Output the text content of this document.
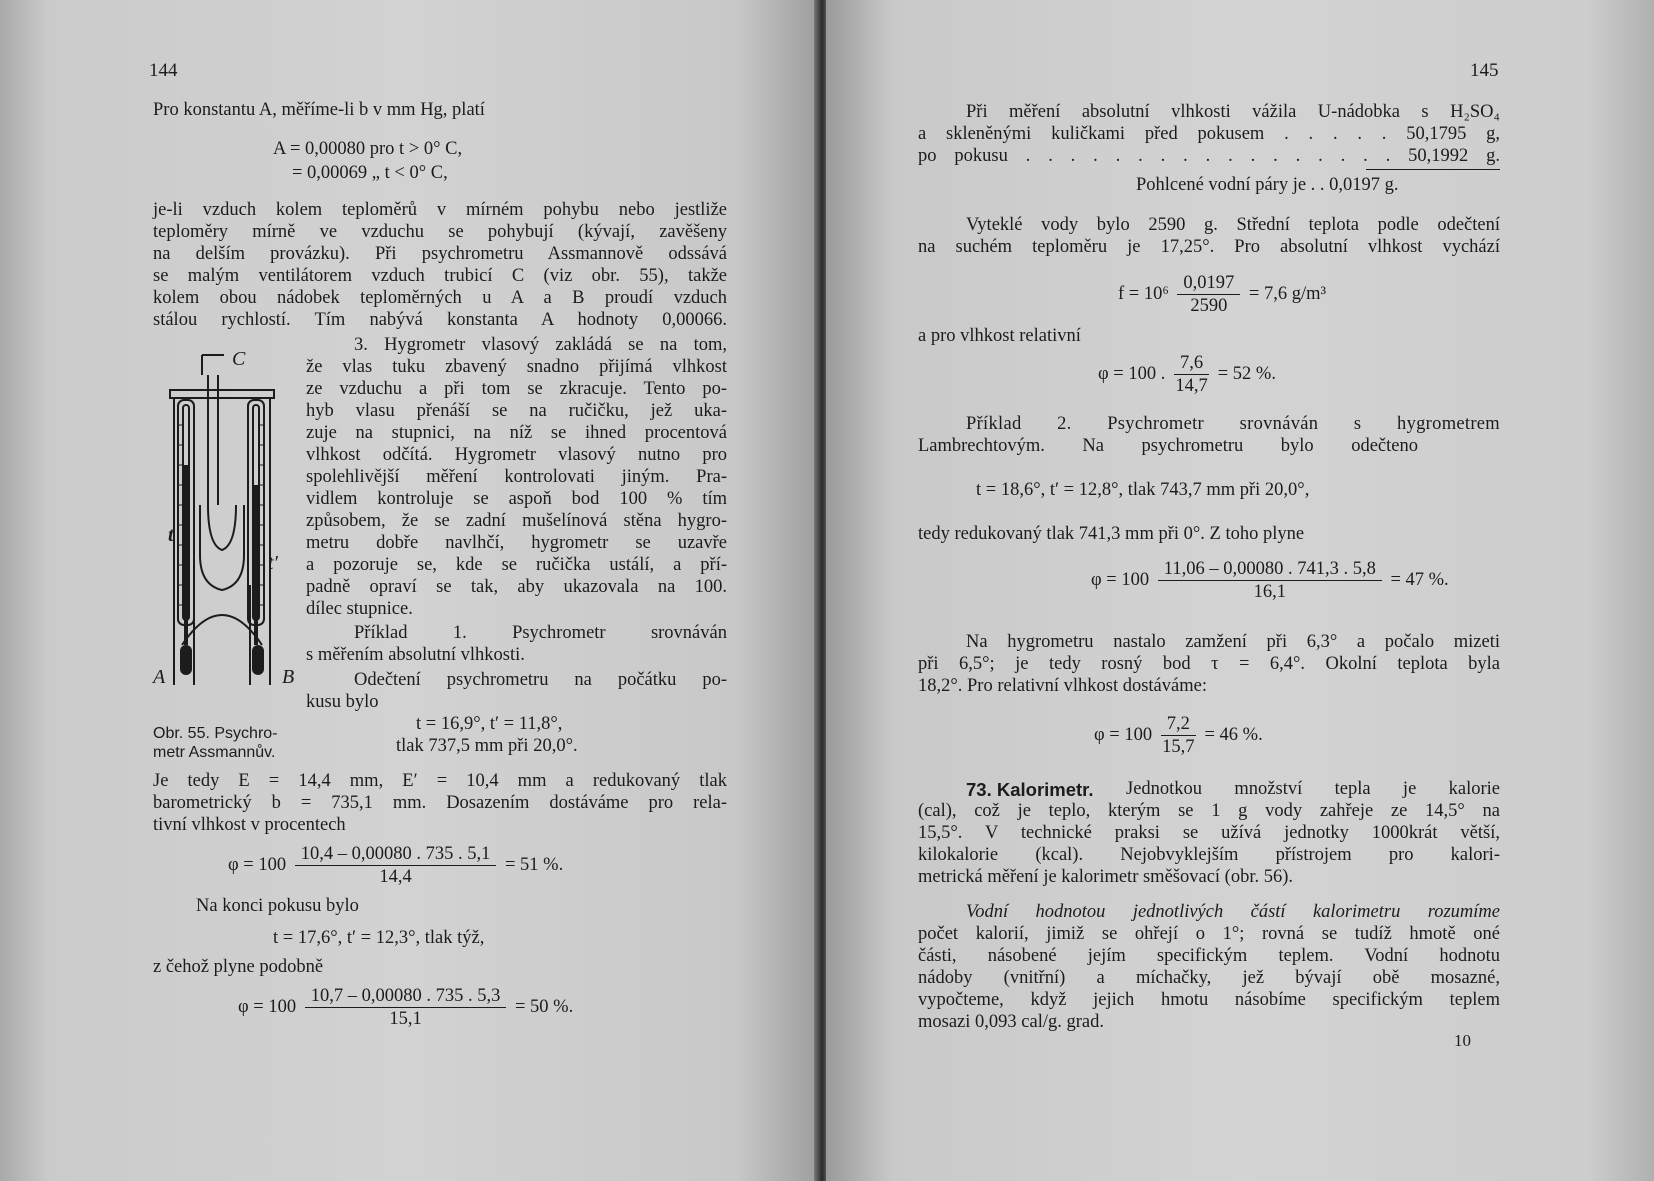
144
Pro konstantu A, měříme-li b v mm Hg, platí
A = 0,00080 pro t > 0° C,
= 0,00069 „ t < 0° C,
je-li vzduch kolem teploměrů v mírném pohybu nebo jestliže
teploměry mírně ve vzduchu se pohybují (kývají, zavěšeny
na delším provázku). Při psychrometru Assmannově odssává
se malým ventilátorem vzduch trubicí C (viz obr. 55), takže
kolem obou nádobek teploměrných u A a B proudí vzduch
stálou rychlostí. Tím nabývá konstanta A hodnoty 0,00066.
C
t
t′
A	B
Obr. 55. Psychro-
metr Assmannův.
3. Hygrometr vlasový zakládá se na tom,
že vlas tuku zbavený snadno přijímá vlhkost
ze vzduchu a při tom se zkracuje. Tento po-
hyb vlasu přenáší se na ručičku, jež uka-
zuje na stupnici, na níž se ihned procentová
vlhkost odčítá. Hygrometr vlasový nutno pro
spolehlivější měření kontrolovati jiným. Pra-
vidlem kontroluje se aspoň bod 100 % tím
způsobem, že se zadní mušelínová stěna hygro-
metru dobře navlhčí, hygrometr se uzavře
a pozoruje se, kde se ručička ustálí, a pří-
padně opraví se tak, aby ukazovala na 100.
dílec stupnice.
Příklad 1. Psychrometr srovnáván
s měřením absolutní vlhkosti.
Odečtení psychrometru na počátku po-
kusu bylo
t = 16,9°, t′ = 11,8°,
tlak 737,5 mm při 20,0°.
Je tedy E = 14,4 mm, E′ = 10,4 mm a redukovaný tlak
barometrický b = 735,1 mm. Dosazením dostáváme pro rela-
tivní vlhkost v procentech
$\varphi = 100 \frac{10,4 - 0,00080 . 735 . 5,1}{14,4} = 51$ %.
Na konci pokusu bylo
t = 17,6°, t′ = 12,3°, tlak týž,
z čehož plyne podobně
$\varphi = 100 \frac{10,7 - 0,00080 . 735 . 5,3}{15,1} = 50$ %.
145
Při měření absolutní vlhkosti vážila U-nádobka s H₂SO₄
a skleněnými kuličkami před pokusem . . . . . 50,1795 g,
po pokusu . . . . . . . . . . . . . . . . . 50,1992 g.
Pohlcené vodní páry je . . 0,0197 g.
Vyteklé vody bylo 2590 g. Střední teplota podle odečtení
na suchém teploměru je 17,25°. Pro absolutní vlhkost vychází
$f = 10^6 \frac{0,0197}{2590} = 7,6$ g/m³
a pro vlhkost relativní
φ = 100 . $\frac{7,6}{14,7} = 52$ %.
Příklad 2. Psychrometr srovnáván s hygrometrem
Lambrechtovým. Na psychrometru bylo odečteno
t = 18,6°, t′ = 12,8°, tlak 743,7 mm při 20,0°,
tedy redukovaný tlak 741,3 mm při 0°. Z toho plyne
$\varphi = 100 \frac{11,06 - 0,00080 . 741,3 . 5,8}{16,1} = 47$ %.
Na hygrometru nastalo zamžení při 6,3° a počalo mizeti
při 6,5°; je tedy rosný bod τ = 6,4°. Okolní teplota byla
18,2°. Pro relativní vlhkost dostáváme:
$\varphi = 100 \frac{7,2}{15,7} = 46$ %.
73. Kalorimetr. Jednotkou množství tepla je kalorie
(cal), což je teplo, kterým se 1 g vody zahřeje ze 14,5° na
15,5°. V technické praksi se užívá jednotky 1000krát větší,
kilokalorie (kcal). Nejobvyklejším přístrojem pro kalori-
metrická měření je kalorimetr směšovací (obr. 56).
Vodní hodnotou jednotlivých částí kalorimetru rozumíme
počet kalorií, jimiž se ohřejí o 1°; rovná se tudíž hmotě oné
části, násobené jejím specifickým teplem. Vodní hodnotu
nádoby (vnitřní) a míchačky, jež bývají obě mosazné,
vypočteme, když jejich hmotu násobíme specifickým teplem
mosazi 0,093 cal/g. grad.
10
